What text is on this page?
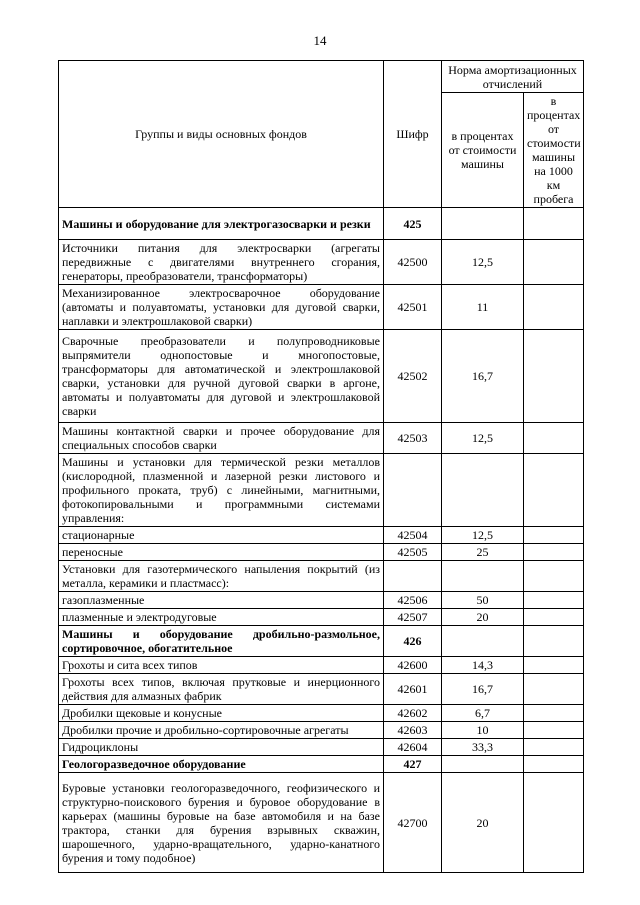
14
Группы и виды основных фондов	Шифр	Норма амортизационных отчислений	
		в процентах от стоимости машины	в процентах от стоимости машины на 1000 км пробега
Машины и оборудование для электрогазосварки и резки	425		
Источники питания для электросварки (агрегаты передвижные с двигателями внутреннего сгорания, генераторы, преобразователи, трансформаторы)	42500	12,5	
Механизированное электросварочное оборудование (автоматы и полуавтоматы, установки для дуговой сварки, наплавки и электрошлаковой сварки)	42501	11	
Сварочные преобразователи и полупроводниковые выпрямители однопостовые и многопостовые, трансформаторы для автоматической и электрошлаковой сварки, установки для ручной дуговой сварки в аргоне, автоматы и полуавтоматы для дуговой и электрошлаковой сварки	42502	16,7	
Машины контактной сварки и прочее оборудование для специальных способов сварки	42503	12,5	
Машины и установки для термической резки металлов (кислородной, плазменной и лазерной резки листового и профильного проката, труб) с линейными, магнитными, фотокопировальными и программными системами управления:			
стационарные	42504	12,5	
переносные	42505	25	
Установки для газотермического напыления покрытий (из металла, керамики и пластмасс):			
газоплазменные	42506	50	
плазменные и электродуговые	42507	20	
Машины и оборудование дробильно-размольное, сортировочное, обогатительное	426		
Грохоты и сита всех типов	42600	14,3	
Грохоты всех типов, включая прутковые и инерционного действия для алмазных фабрик	42601	16,7	
Дробилки щековые и конусные	42602	6,7	
Дробилки прочие и дробильно-сортировочные агрегаты	42603	10	
Гидроциклоны	42604	33,3	
Геологоразведочное оборудование	427		
Буровые установки геологоразведочного, геофизического и структурно-поискового бурения и буровое оборудование в карьерах (машины буровые на базе автомобиля и на базе трактора, станки для бурения взрывных скважин, шарошечного, ударно-вращательного, ударно-канатного бурения и тому подобное)	42700	20	
